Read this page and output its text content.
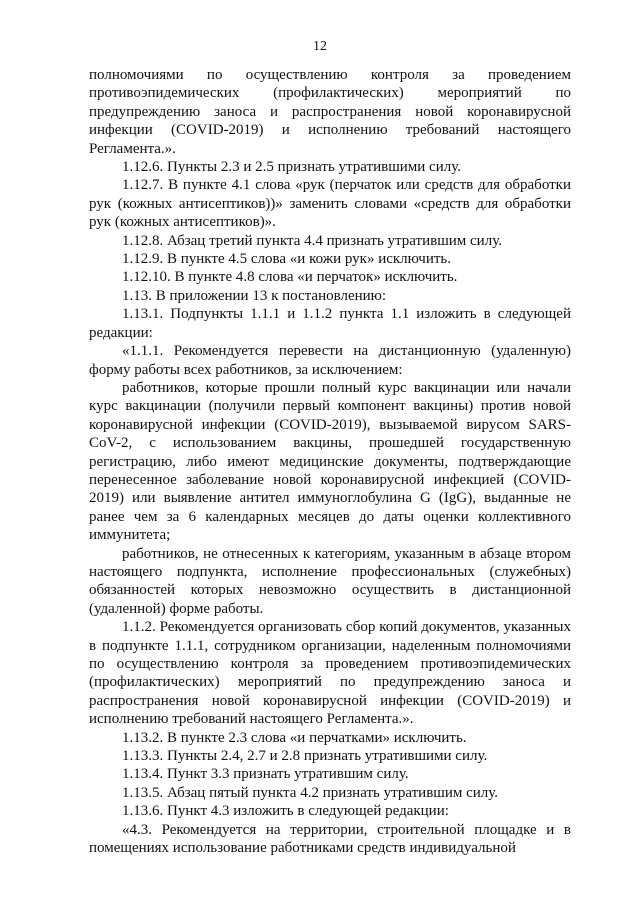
12

полномочиями по осуществлению контроля за проведением противоэпидемических (профилактических) мероприятий по предупреждению заноса и распространения новой коронавирусной инфекции (COVID-2019) и исполнению требований настоящего Регламента.».

1.12.6. Пункты 2.3 и 2.5 признать утратившими силу.

1.12.7. В пункте 4.1 слова «рук (перчаток или средств для обработки рук (кожных антисептиков))» заменить словами «средств для обработки рук (кожных антисептиков)».

1.12.8. Абзац третий пункта 4.4 признать утратившим силу.

1.12.9. В пункте 4.5 слова «и кожи рук» исключить.

1.12.10. В пункте 4.8 слова «и перчаток» исключить.

1.13. В приложении 13 к постановлению:

1.13.1. Подпункты 1.1.1 и 1.1.2 пункта 1.1 изложить в следующей редакции:

«1.1.1. Рекомендуется перевести на дистанционную (удаленную) форму работы всех работников, за исключением:

работников, которые прошли полный курс вакцинации или начали курс вакцинации (получили первый компонент вакцины) против новой коронавирусной инфекции (COVID-2019), вызываемой вирусом SARS-CoV-2, с использованием вакцины, прошедшей государственную регистрацию, либо имеют медицинские документы, подтверждающие перенесенное заболевание новой коронавирусной инфекцией (COVID-2019) или выявление антител иммуноглобулина G (IgG), выданные не ранее чем за 6 календарных месяцев до даты оценки коллективного иммунитета;

работников, не отнесенных к категориям, указанным в абзаце втором настоящего подпункта, исполнение профессиональных (служебных) обязанностей которых невозможно осуществить в дистанционной (удаленной) форме работы.

1.1.2. Рекомендуется организовать сбор копий документов, указанных в подпункте 1.1.1, сотрудником организации, наделенным полномочиями по осуществлению контроля за проведением противоэпидемических (профилактических) мероприятий по предупреждению заноса и распространения новой коронавирусной инфекции (COVID-2019) и исполнению требований настоящего Регламента.».

1.13.2. В пункте 2.3 слова «и перчатками» исключить.

1.13.3. Пункты 2.4, 2.7 и 2.8 признать утратившими силу.

1.13.4. Пункт 3.3 признать утратившим силу.

1.13.5. Абзац пятый пункта 4.2 признать утратившим силу.

1.13.6. Пункт 4.3 изложить в следующей редакции:

«4.3. Рекомендуется на территории, строительной площадке и в помещениях использование работниками средств индивидуальной
